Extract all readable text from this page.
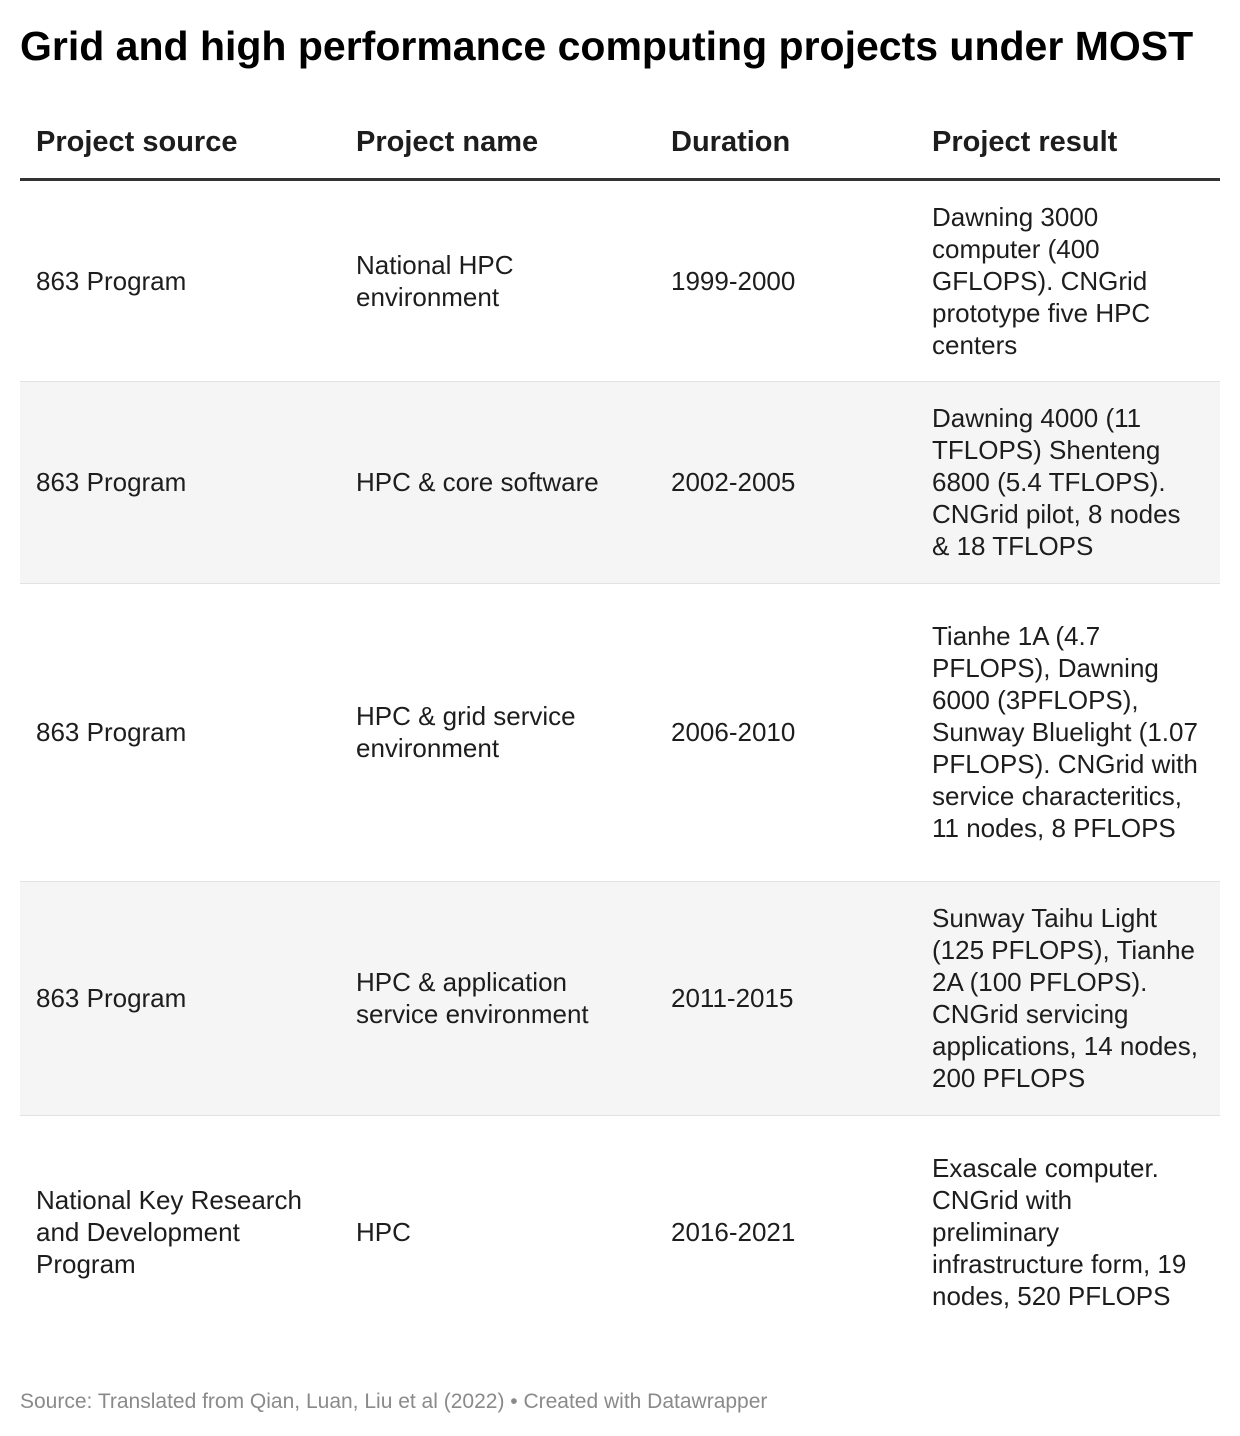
Grid and high performance computing projects under MOST
Project source	Project name	Duration	Project result
863 Program	National HPC environment	1999-2000	Dawning 3000 computer (400 GFLOPS). CNGrid prototype five HPC centers
863 Program	HPC & core software	2002-2005	Dawning 4000 (11 TFLOPS) Shenteng 6800 (5.4 TFLOPS). CNGrid pilot, 8 nodes & 18 TFLOPS
863 Program	HPC & grid service environment	2006-2010	Tianhe 1A (4.7 PFLOPS), Dawning 6000 (3PFLOPS), Sunway Bluelight (1.07 PFLOPS). CNGrid with service characteritics, 11 nodes, 8 PFLOPS
863 Program	HPC & application service environment	2011-2015	Sunway Taihu Light (125 PFLOPS), Tianhe 2A (100 PFLOPS). CNGrid servicing applications, 14 nodes, 200 PFLOPS
National Key Research and Development Program	HPC	2016-2021	Exascale computer. CNGrid with preliminary infrastructure form, 19 nodes, 520 PFLOPS
Source: Translated from Qian, Luan, Liu et al (2022) • Created with Datawrapper
